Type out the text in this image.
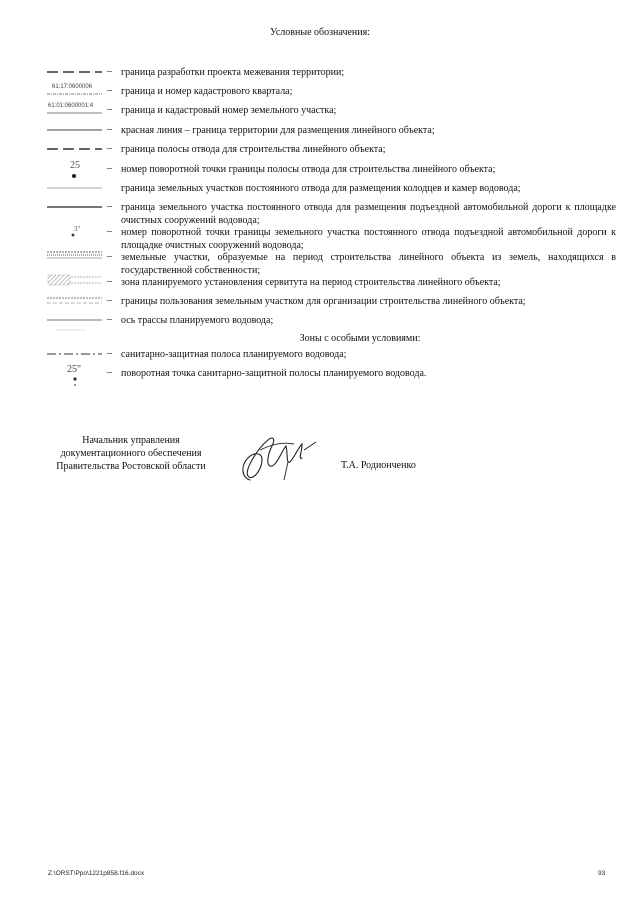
Условные обозначения:
– граница разработки проекта межевания территории;
61:17:0600006 – граница и номер кадастрового квартала;
61:01:0600001:4 – граница и кадастровый номер земельного участка;
– красная линия – граница территории для размещения линейного объекта;
– граница полосы отвода для строительства линейного объекта;
25	– номер поворотной точки границы полосы отвода для строительства линейного объекта;
граница земельных участков постоянного отвода для размещения колодцев и камер водовода;
– граница земельного участка постоянного отвода для размещения подъездной автомобильной дороги к площадке очистных сооружений водовода;
3"	– номер поворотной точки границы земельного участка постоянного отвода подъездной автомобильной дороги к площадке очистных сооружений водовода;
– земельные участки, образуемые на период строительства линейного объекта из земель, находящихся в государственной собственности;
– зона планируемого установления сервитута на период строительства линейного объекта;
– границы пользования земельным участком для организации строительства линейного объекта;
– ось трассы планируемого водовода;
Зоны с особыми условиями:
– санитарно-защитная полоса планируемого водовода;
25"	– поворотная точка санитарно-защитной полосы планируемого водовода.
Начальник управления
документационного обеспечения
Правительства Ростовской области	Т.А. Родионченко
Z:\ORST\Ppo\1221p858.f16.docx	93
